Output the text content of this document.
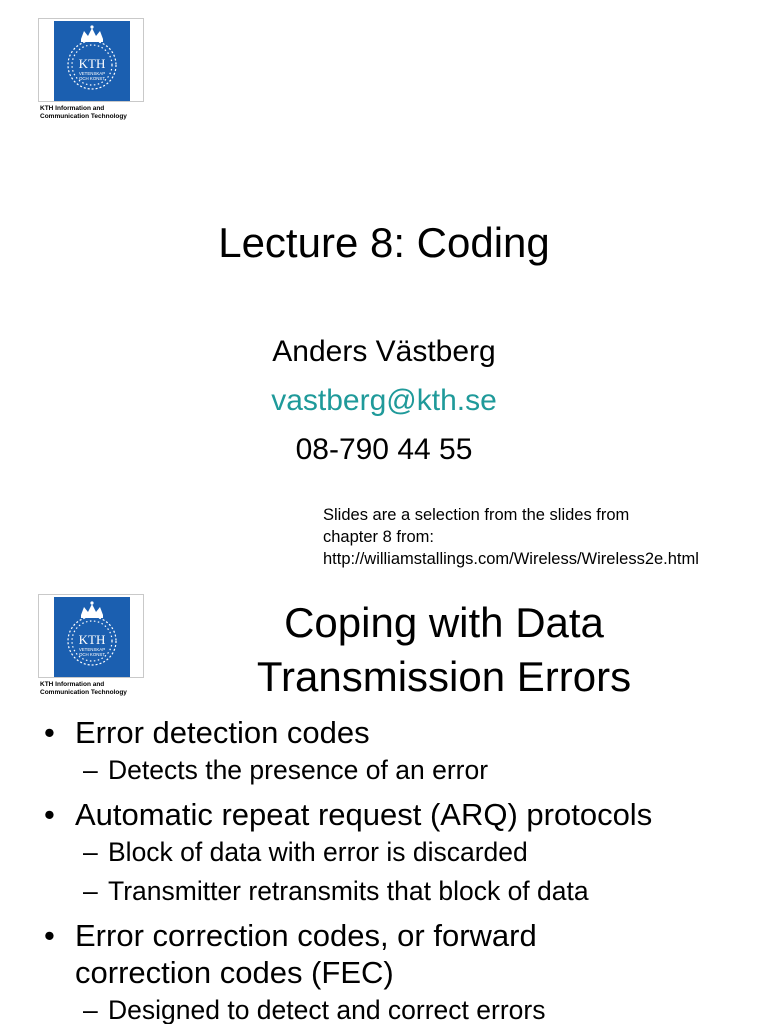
KTH
VETENSKAP
OCH KONST
KTH Information and
Communication Technology
Lecture 8: Coding
Anders Västberg
vastberg@kth.se
08-790 44 55
Slides are a selection from the slides from
chapter 8 from:
http://williamstallings.com/Wireless/Wireless2e.html
KTH
VETENSKAP
OCH KONST
KTH Information and
Communication Technology
Coping with Data
Transmission Errors
• Error detection codes
– Detects the presence of an error
• Automatic repeat request (ARQ) protocols
– Block of data with error is discarded
– Transmitter retransmits that block of data
• Error correction codes, or forward
correction codes (FEC)
– Designed to detect and correct errors
